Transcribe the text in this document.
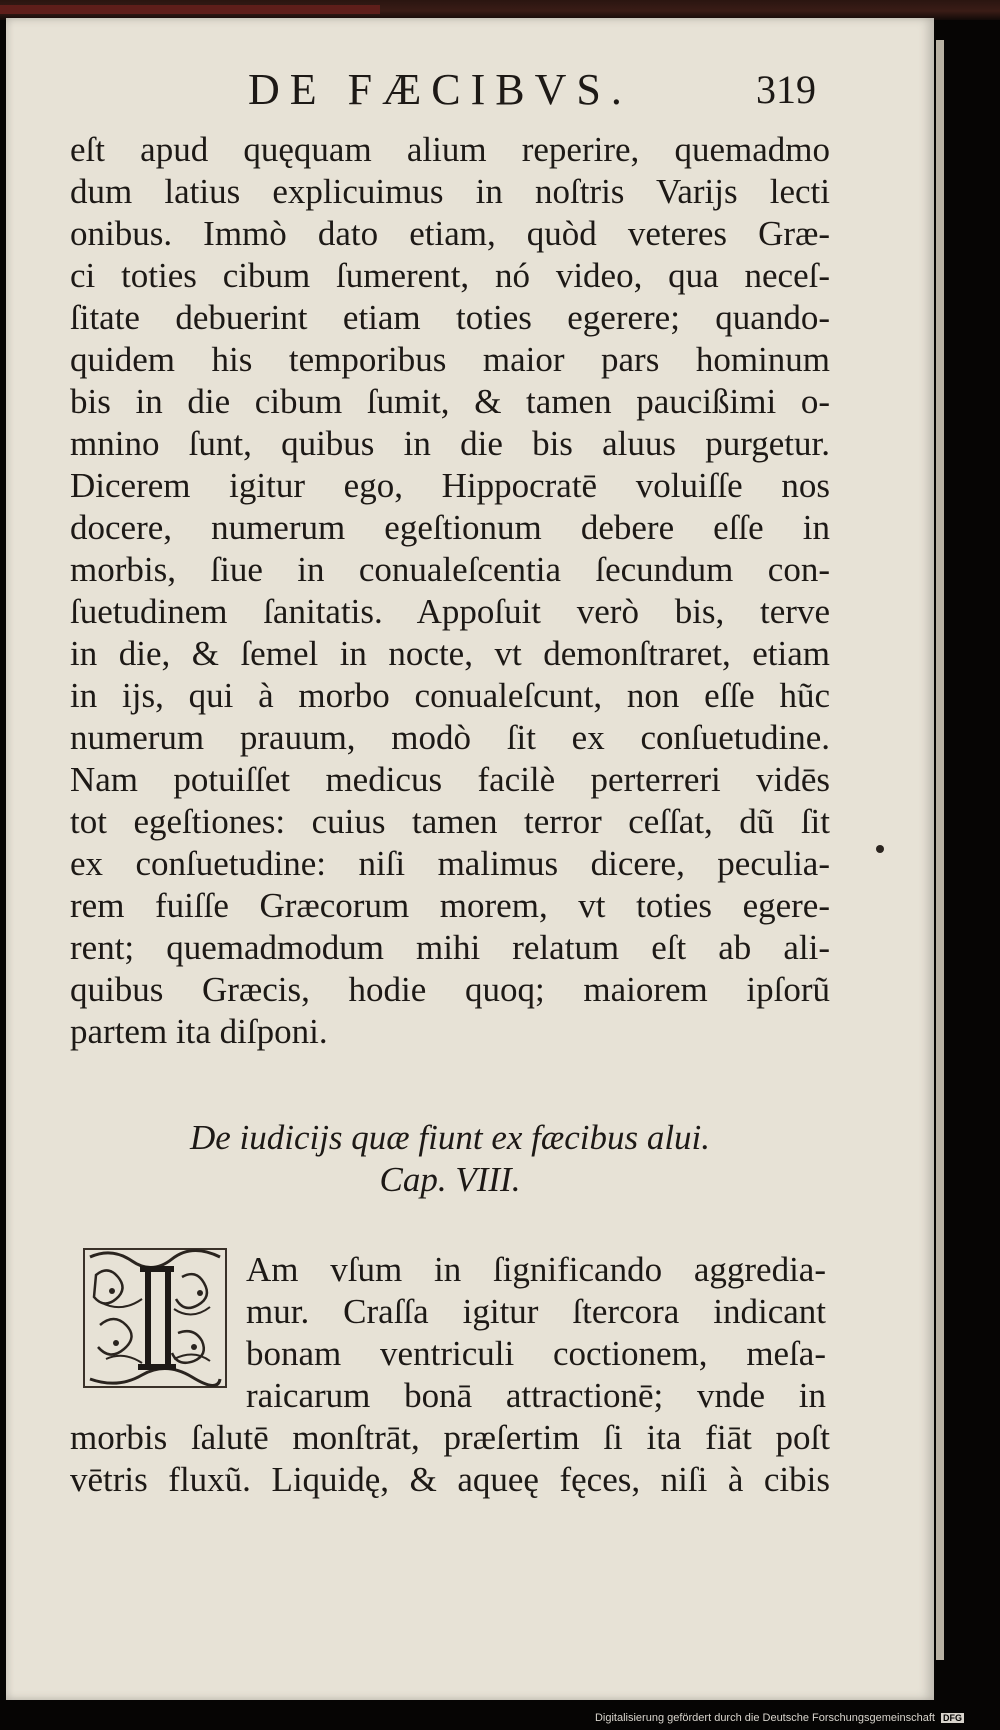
DE FÆCIBVS.	319
eſt apud quęquam alium reperire, quemadmo
dum latius explicuimus in noſtris Varijs lecti
onibus. Immò dato etiam, quòd veteres Græ-
ci toties cibum ſumerent, nó video, qua neceſ-
ſitate debuerint etiam toties egerere; quando-
quidem his temporibus maior pars hominum
bis in die cibum ſumit, & tamen paucißimi o-
mnino ſunt, quibus in die bis aluus purgetur.
Dicerem igitur ego, Hippocratē voluiſſe nos
docere, numerum egeſtionum debere eſſe in
morbis, ſiue in conualeſcentia ſecundum con-
ſuetudinem ſanitatis. Appoſuit verò bis, terve
in die, & ſemel in nocte, vt demonſtraret, etiam
in ijs, qui à morbo conualeſcunt, non eſſe hũc
numerum prauum, modò ſit ex conſuetudine.
Nam potuiſſet medicus facilè perterreri vidēs
tot egeſtiones: cuius tamen terror ceſſat, dũ ſit
ex conſuetudine: niſi malimus dicere, peculia-
rem fuiſſe Græcorum morem, vt toties egere-
rent; quemadmodum mihi relatum eſt ab ali-
quibus Græcis, hodie quoq; maiorem ipſorũ
partem ita diſponi.
De iudicijs quæ fiunt ex fæcibus alui.
Cap. VIII.
Am vſum in ſignificando aggredia-
mur. Craſſa igitur ſtercora indicant
bonam ventriculi coctionem, meſa-
raicarum bonā attractionē; vnde in
morbis ſalutē monſtrāt, præſertim ſi ita fiāt poſt
vētris fluxũ. Liquidę, & aqueę fęces, niſi à cibis
Digitalisierung gefördert durch die Deutsche Forschungsgemeinschaft DFG
